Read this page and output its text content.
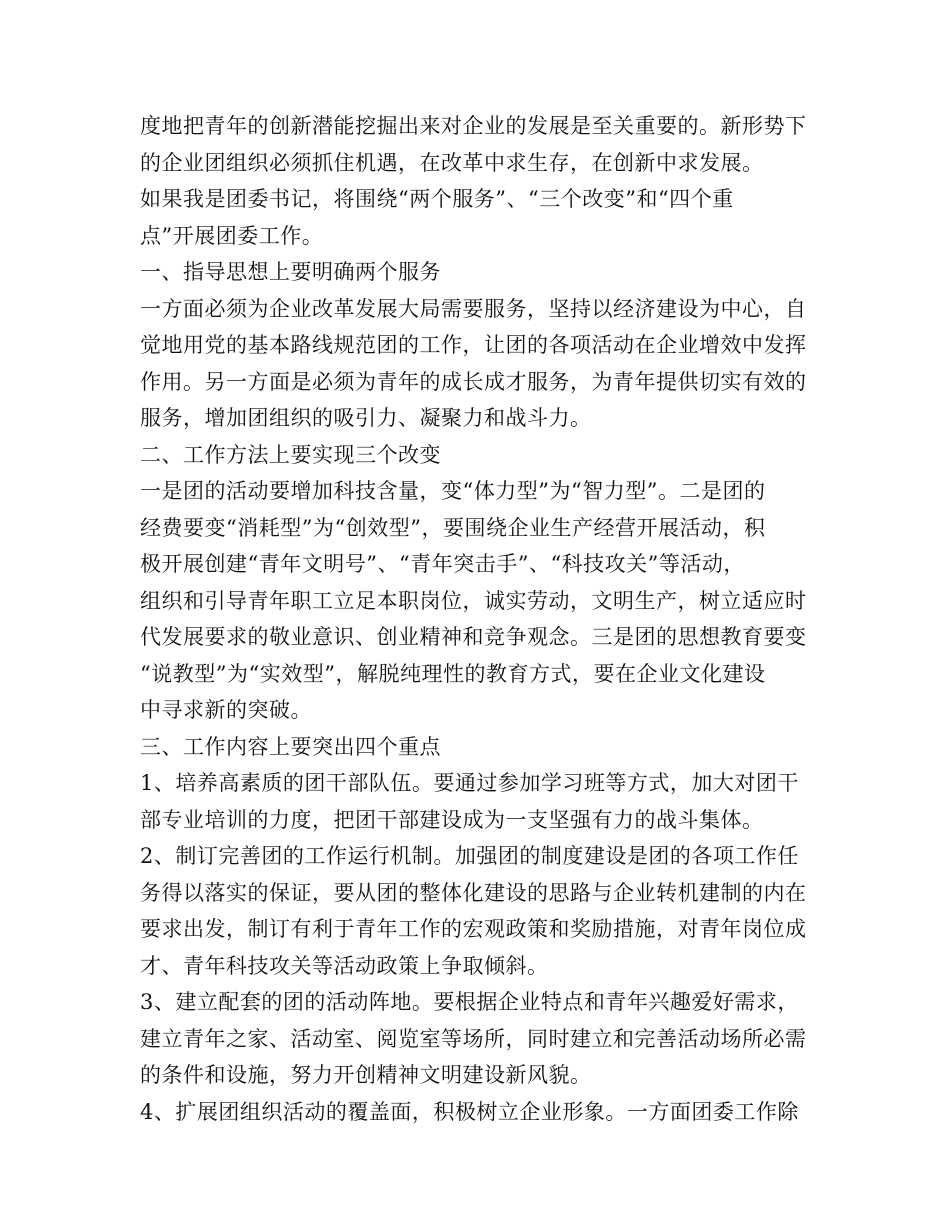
度地把青年的创新潜能挖掘出来对企业的发展是至关重要的。新形势下
的企业团组织必须抓住机遇，在改革中求生存，在创新中求发展。
如果我是团委书记，将围绕“两个服务”、“三个改变”和“四个重
点”开展团委工作。
一、指导思想上要明确两个服务
一方面必须为企业改革发展大局需要服务，坚持以经济建设为中心，自
觉地用党的基本路线规范团的工作，让团的各项活动在企业增效中发挥
作用。另一方面是必须为青年的成长成才服务，为青年提供切实有效的
服务，增加团组织的吸引力、凝聚力和战斗力。
二、工作方法上要实现三个改变
一是团的活动要增加科技含量，变“体力型”为“智力型”。二是团的
经费要变“消耗型”为“创效型”，要围绕企业生产经营开展活动，积
极开展创建“青年文明号”、“青年突击手”、“科技攻关”等活动，
组织和引导青年职工立足本职岗位，诚实劳动，文明生产，树立适应时
代发展要求的敬业意识、创业精神和竞争观念。三是团的思想教育要变
“说教型”为“实效型”，解脱纯理性的教育方式，要在企业文化建设
中寻求新的突破。
三、工作内容上要突出四个重点
1、培养高素质的团干部队伍。要通过参加学习班等方式，加大对团干
部专业培训的力度，把团干部建设成为一支坚强有力的战斗集体。
2、制订完善团的工作运行机制。加强团的制度建设是团的各项工作任
务得以落实的保证，要从团的整体化建设的思路与企业转机建制的内在
要求出发，制订有利于青年工作的宏观政策和奖励措施，对青年岗位成
才、青年科技攻关等活动政策上争取倾斜。
3、建立配套的团的活动阵地。要根据企业特点和青年兴趣爱好需求，
建立青年之家、活动室、阅览室等场所，同时建立和完善活动场所必需
的条件和设施，努力开创精神文明建设新风貌。
4、扩展团组织活动的覆盖面，积极树立企业形象。一方面团委工作除
